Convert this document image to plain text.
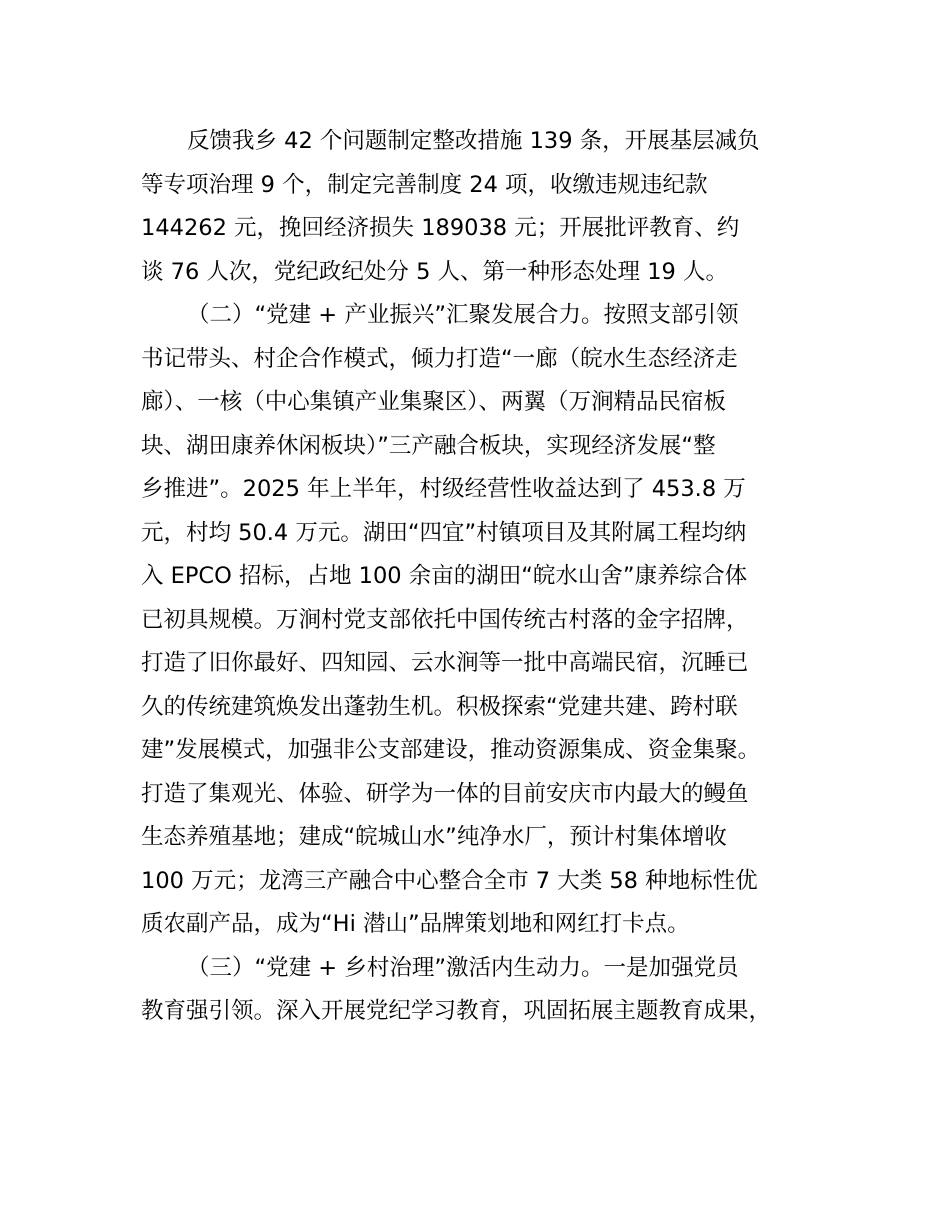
反馈我乡 42 个问题制定整改措施 139 条，开展基层减负
等专项治理 9 个，制定完善制度 24 项，收缴违规违纪款
144262 元，挽回经济损失 189038 元；开展批评教育、约
谈 76 人次，党纪政纪处分 5 人、第一种形态处理 19 人。
（二）“党建 + 产业振兴”汇聚发展合力。按照支部引领
书记带头、村企合作模式，倾力打造“一廊（皖水生态经济走
廊）、一核（中心集镇产业集聚区）、两翼（万涧精品民宿板
块、湖田康养休闲板块）”三产融合板块，实现经济发展“整
乡推进”。2025 年上半年，村级经营性收益达到了 453.8 万
元，村均 50.4 万元。湖田“四宜”村镇项目及其附属工程均纳
入 EPCO 招标，占地 100 余亩的湖田“皖水山舍”康养综合体
已初具规模。万涧村党支部依托中国传统古村落的金字招牌，
打造了旧你最好、四知园、云水涧等一批中高端民宿，沉睡已
久的传统建筑焕发出蓬勃生机。积极探索“党建共建、跨村联
建”发展模式，加强非公支部建设，推动资源集成、资金集聚。
打造了集观光、体验、研学为一体的目前安庆市内最大的鳗鱼
生态养殖基地；建成“皖城山水”纯净水厂，预计村集体增收
100 万元；龙湾三产融合中心整合全市 7 大类 58 种地标性优
质农副产品，成为“Hi 潜山”品牌策划地和网红打卡点。
（三）“党建 + 乡村治理”激活内生动力。一是加强党员
教育强引领。深入开展党纪学习教育，巩固拓展主题教育成果，
